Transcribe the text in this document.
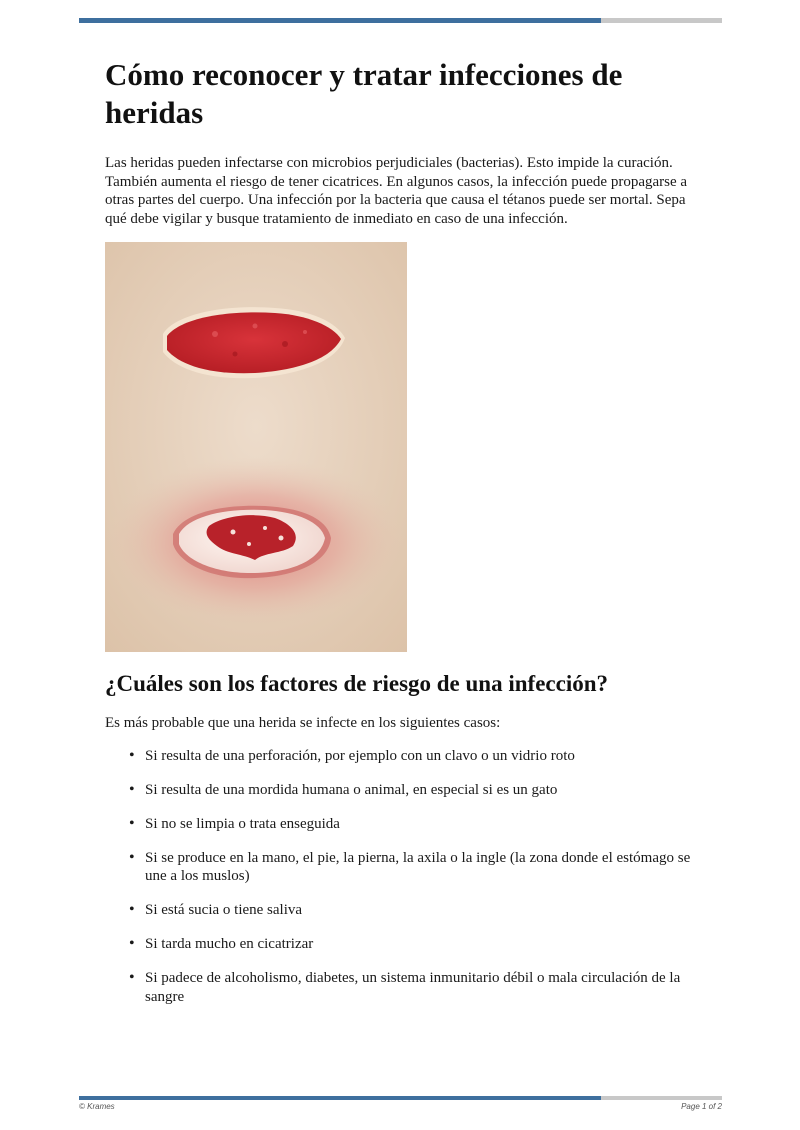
Cómo reconocer y tratar infecciones de heridas

Las heridas pueden infectarse con microbios perjudiciales (bacterias). Esto impide la curación. También aumenta el riesgo de tener cicatrices. En algunos casos, la infección puede propagarse a otras partes del cuerpo. Una infección por la bacteria que causa el tétanos puede ser mortal. Sepa qué debe vigilar y busque tratamiento de inmediato en caso de una infección.

¿Cuáles son los factores de riesgo de una infección?

Es más probable que una herida se infecte en los siguientes casos:

• Si resulta de una perforación, por ejemplo con un clavo o un vidrio roto
• Si resulta de una mordida humana o animal, en especial si es un gato
• Si no se limpia o trata enseguida
• Si se produce en la mano, el pie, la pierna, la axila o la ingle (la zona donde el estómago se une a los muslos)
• Si está sucia o tiene saliva
• Si tarda mucho en cicatrizar
• Si padece de alcoholismo, diabetes, un sistema inmunitario débil o mala circulación de la sangre
© Krames	Page 1 of 2
